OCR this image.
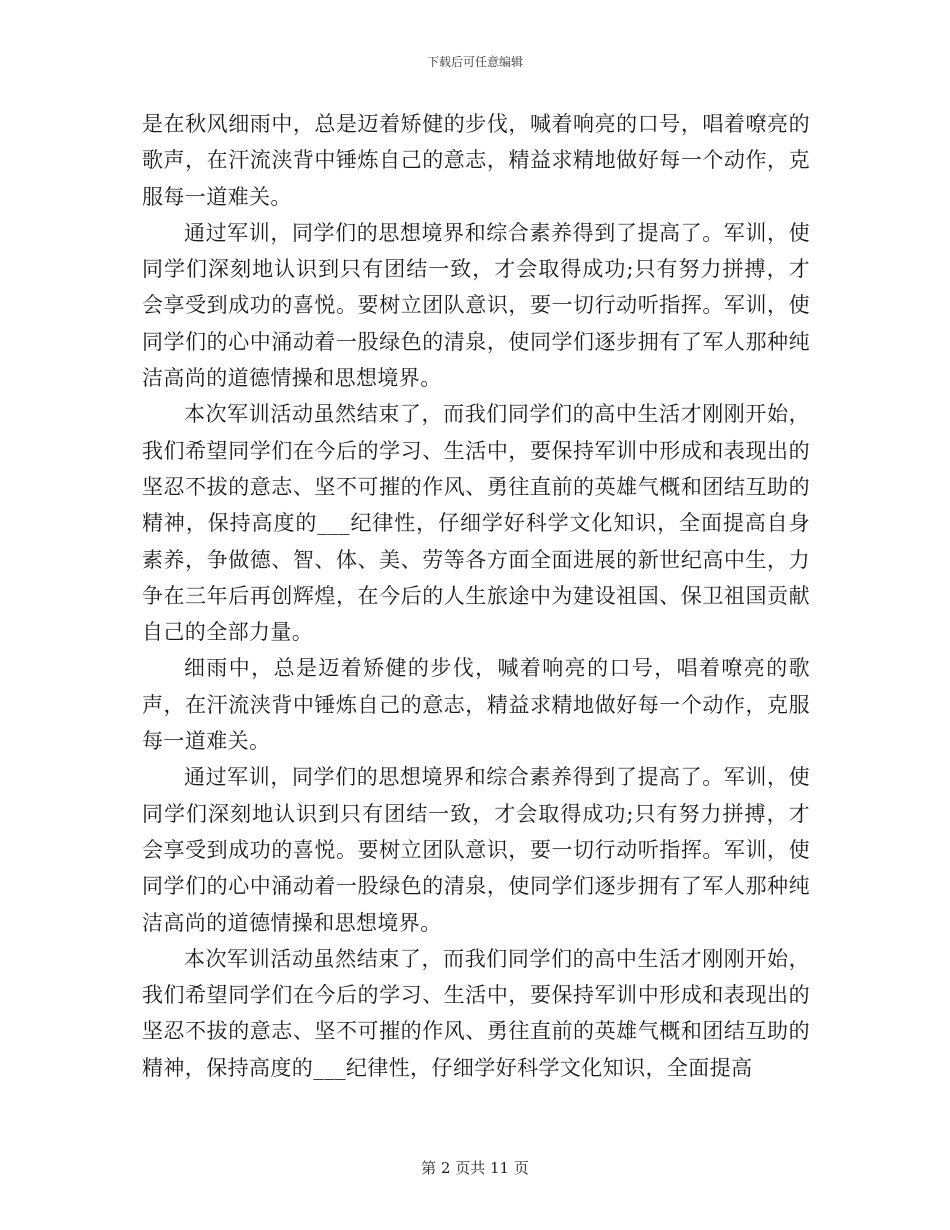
下载后可任意编辑

是在秋风细雨中，总是迈着矫健的步伐，喊着响亮的口号，唱着嘹亮的歌声，在汗流浃背中锤炼自己的意志，精益求精地做好每一个动作，克服每一道难关。

通过军训，同学们的思想境界和综合素养得到了提高了。军训，使同学们深刻地认识到只有团结一致，才会取得成功;只有努力拼搏，才会享受到成功的喜悦。要树立团队意识，要一切行动听指挥。军训，使同学们的心中涌动着一股绿色的清泉，使同学们逐步拥有了军人那种纯洁高尚的道德情操和思想境界。

本次军训活动虽然结束了，而我们同学们的高中生活才刚刚开始，我们希望同学们在今后的学习、生活中，要保持军训中形成和表现出的坚忍不拔的意志、坚不可摧的作风、勇往直前的英雄气概和团结互助的精神，保持高度的___纪律性，仔细学好科学文化知识，全面提高自身素养，争做德、智、体、美、劳等各方面全面进展的新世纪高中生，力争在三年后再创辉煌，在今后的人生旅途中为建设祖国、保卫祖国贡献自己的全部力量。

细雨中，总是迈着矫健的步伐，喊着响亮的口号，唱着嘹亮的歌声，在汗流浃背中锤炼自己的意志，精益求精地做好每一个动作，克服每一道难关。

通过军训，同学们的思想境界和综合素养得到了提高了。军训，使同学们深刻地认识到只有团结一致，才会取得成功;只有努力拼搏，才会享受到成功的喜悦。要树立团队意识，要一切行动听指挥。军训，使同学们的心中涌动着一股绿色的清泉，使同学们逐步拥有了军人那种纯洁高尚的道德情操和思想境界。

本次军训活动虽然结束了，而我们同学们的高中生活才刚刚开始，我们希望同学们在今后的学习、生活中，要保持军训中形成和表现出的坚忍不拔的意志、坚不可摧的作风、勇往直前的英雄气概和团结互助的精神，保持高度的___纪律性，仔细学好科学文化知识，全面提高

第 2 页共 11 页
